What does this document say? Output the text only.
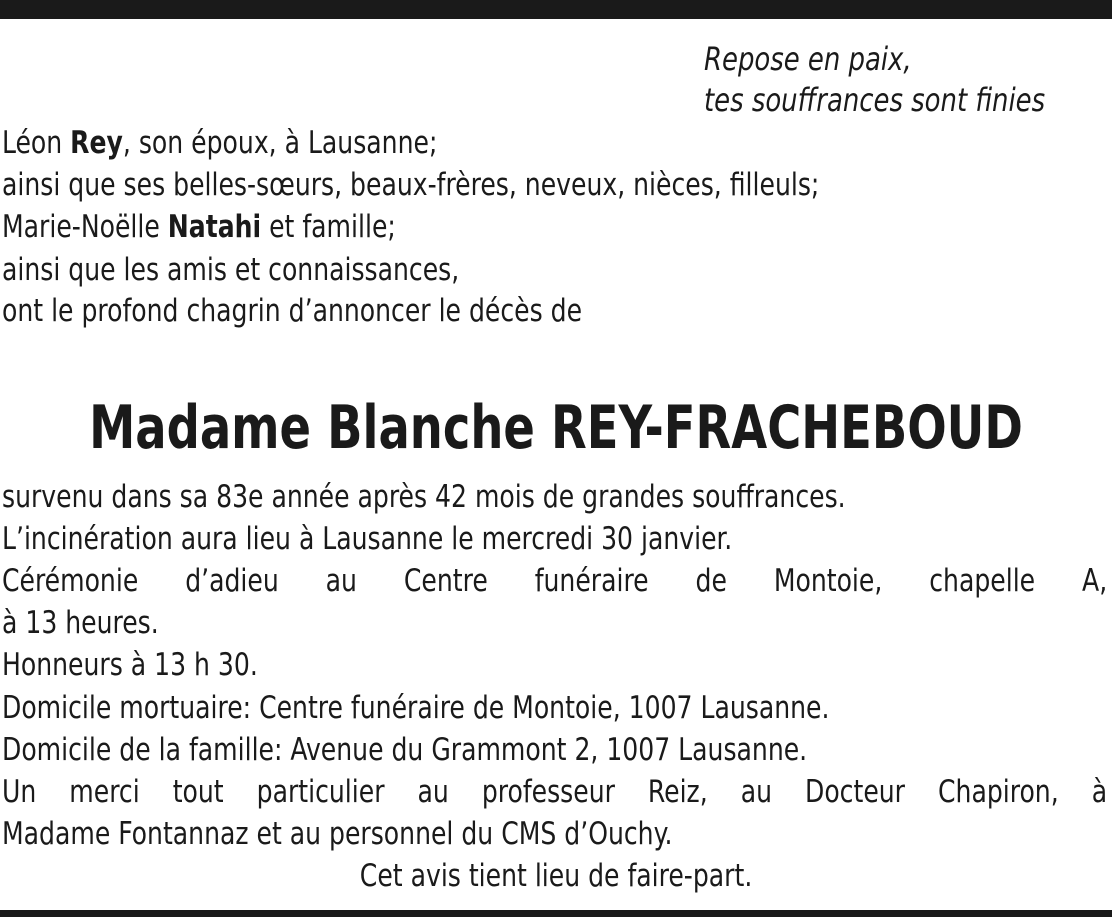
Repose en paix,
tes souffrances sont finies
Léon Rey, son époux, à Lausanne;
ainsi que ses belles-sœurs, beaux-frères, neveux, nièces, filleuls;
Marie-Noëlle Natahi et famille;
ainsi que les amis et connaissances,
ont le profond chagrin d’annoncer le décès de
Madame Blanche REY-FRACHEBOUD
survenu dans sa 83e année après 42 mois de grandes souffrances.
L’incinération aura lieu à Lausanne le mercredi 30 janvier.
Cérémonie d’adieu au Centre funéraire de Montoie, chapelle A,
à 13 heures.
Honneurs à 13 h 30.
Domicile mortuaire: Centre funéraire de Montoie, 1007 Lausanne.
Domicile de la famille: Avenue du Grammont 2, 1007 Lausanne.
Un merci tout particulier au professeur Reiz, au Docteur Chapiron, à
Madame Fontannaz et au personnel du CMS d’Ouchy.
Cet avis tient lieu de faire-part.
